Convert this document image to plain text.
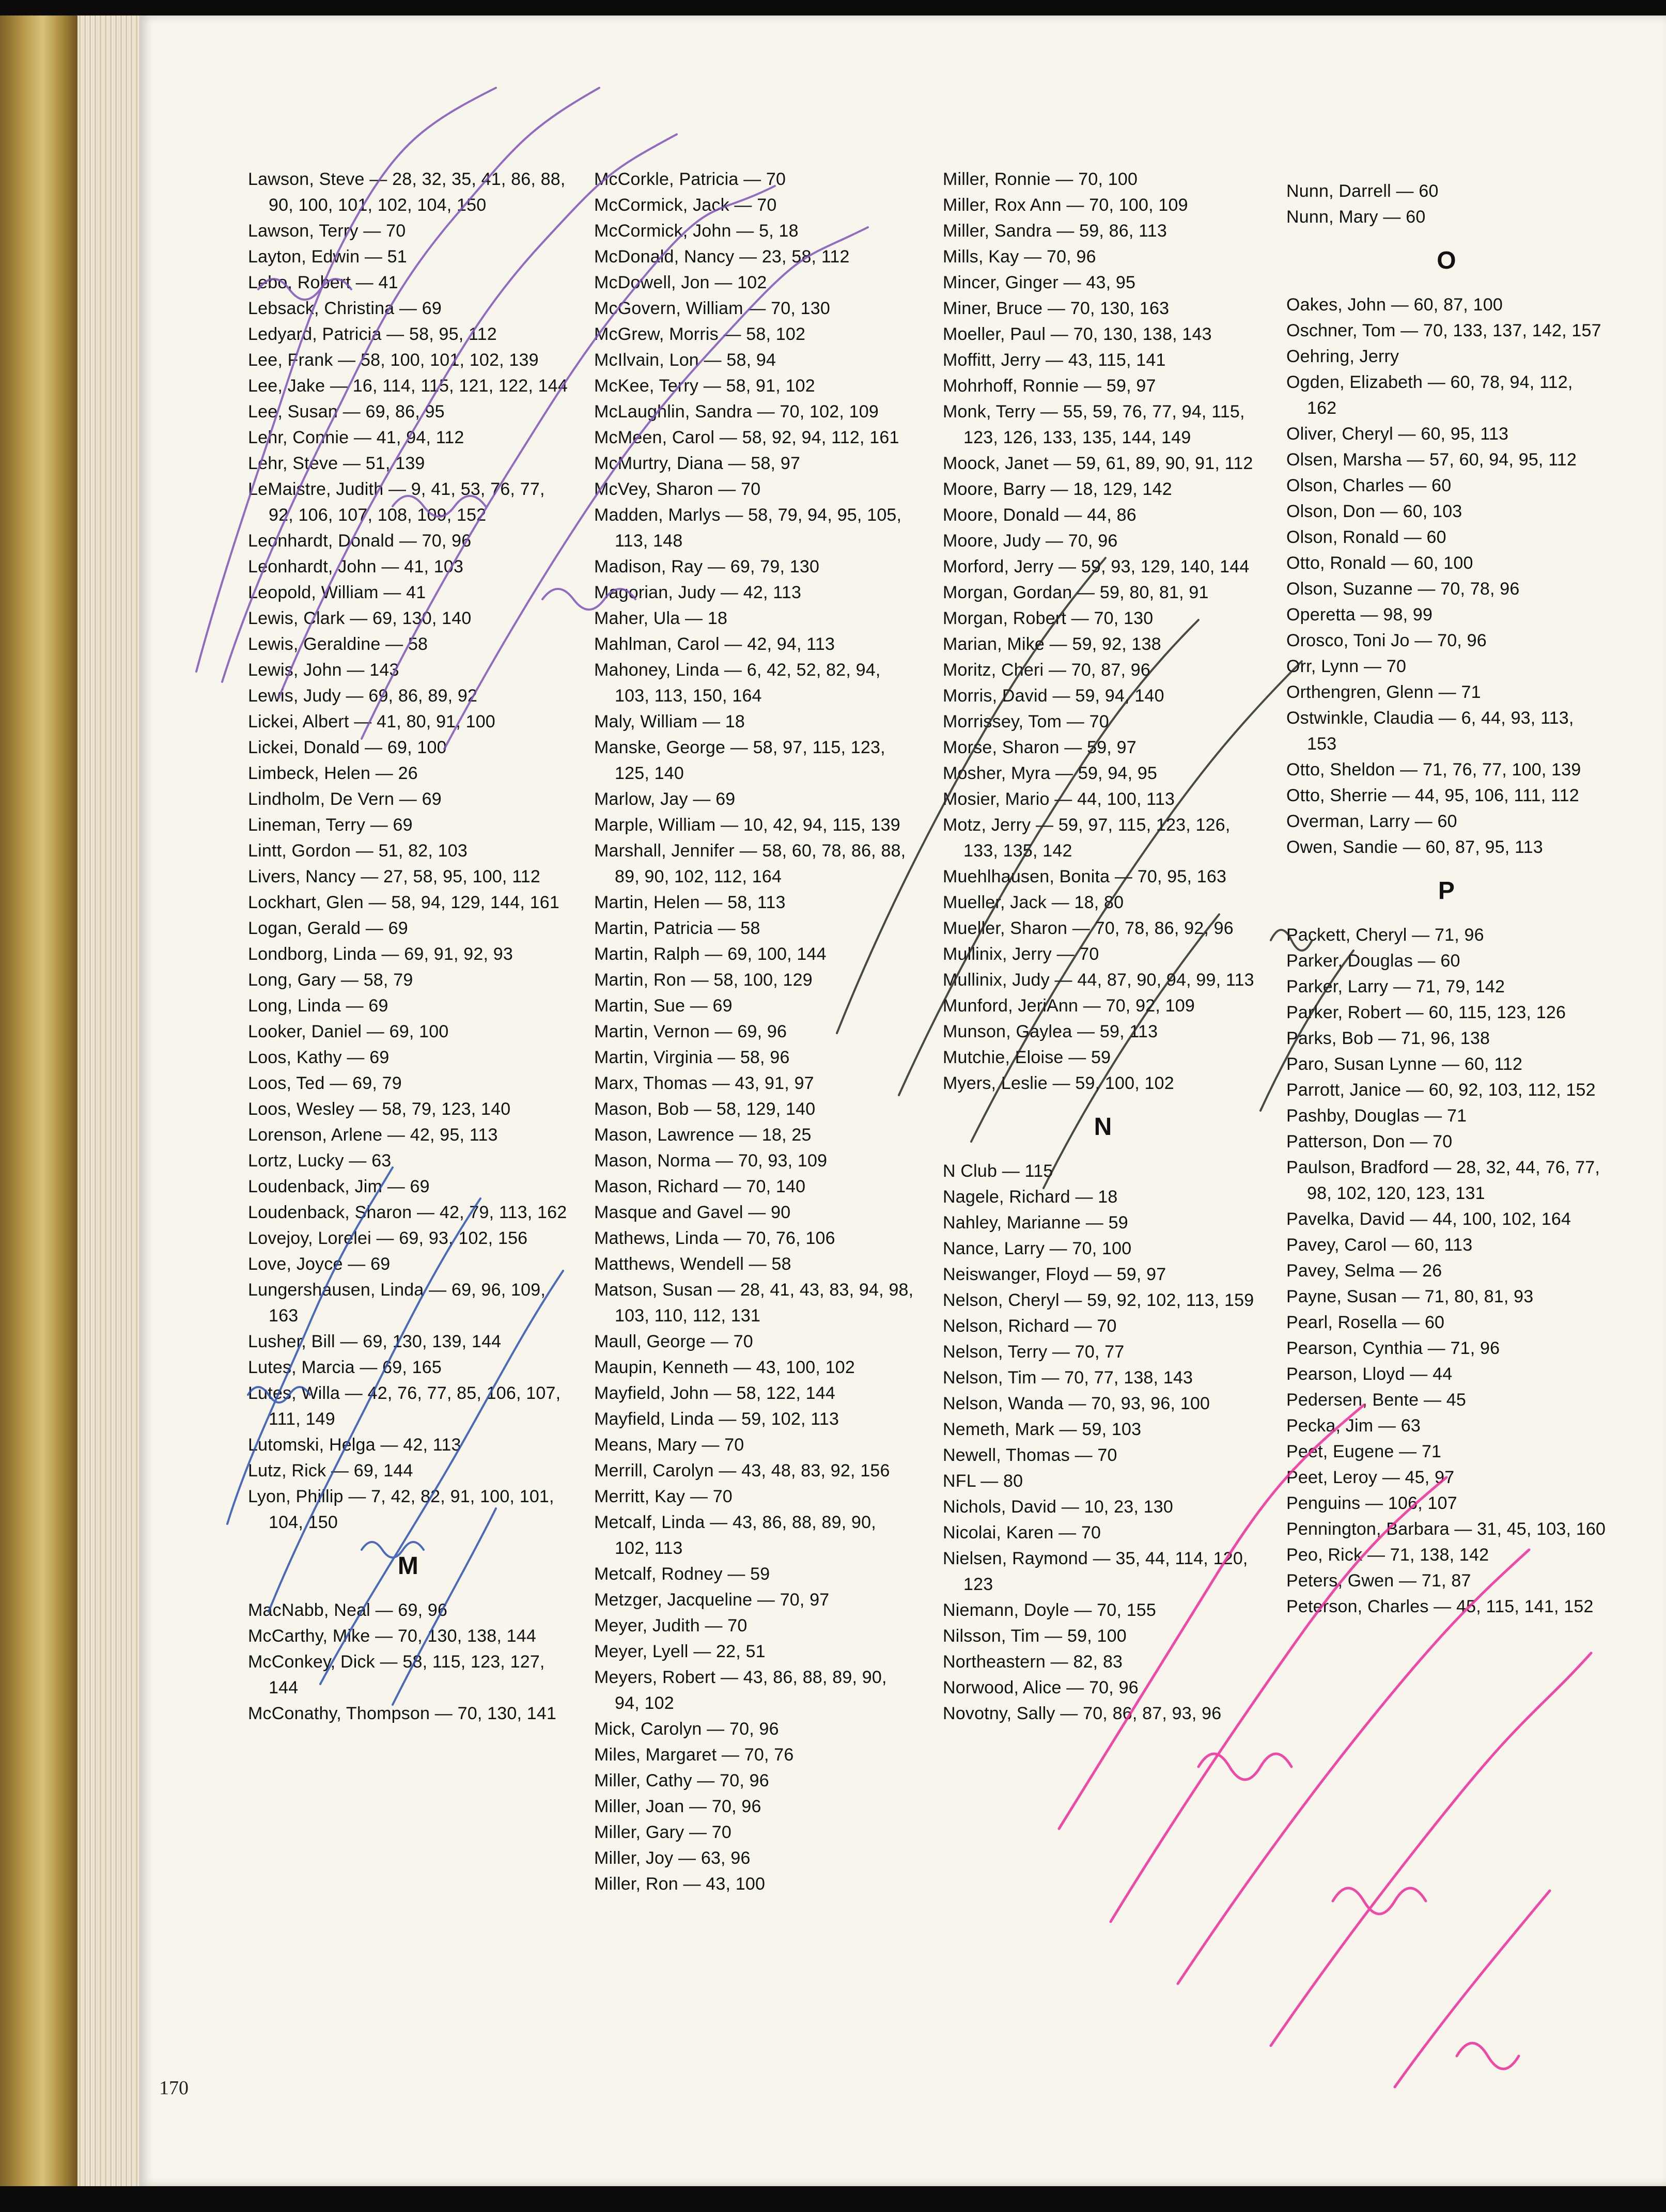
Lawson, Steve — 28, 32, 35, 41, 86, 88, 90, 100, 101, 102, 104, 150
Lawson, Terry — 70
Layton, Edwin — 51
Lebo, Robert — 41
Lebsack, Christina — 69
Ledyard, Patricia — 58, 95, 112
Lee, Frank — 58, 100, 101, 102, 139
Lee, Jake — 16, 114, 115, 121, 122, 144
Lee, Susan — 69, 86, 95
Lehr, Connie — 41, 94, 112
Lehr, Steve — 51, 139
LeMaistre, Judith — 9, 41, 53, 76, 77, 92, 106, 107, 108, 109, 152
Leonhardt, Donald — 70, 96
Leonhardt, John — 41, 103
Leopold, William — 41
Lewis, Clark — 69, 130, 140
Lewis, Geraldine — 58
Lewis, John — 143
Lewis, Judy — 69, 86, 89, 92
Lickei, Albert — 41, 80, 91, 100
Lickei, Donald — 69, 100
Limbeck, Helen — 26
Lindholm, De Vern — 69
Lineman, Terry — 69
Lintt, Gordon — 51, 82, 103
Livers, Nancy — 27, 58, 95, 100, 112
Lockhart, Glen — 58, 94, 129, 144, 161
Logan, Gerald — 69
Londborg, Linda — 69, 91, 92, 93
Long, Gary — 58, 79
Long, Linda — 69
Looker, Daniel — 69, 100
Loos, Kathy — 69
Loos, Ted — 69, 79
Loos, Wesley — 58, 79, 123, 140
Lorenson, Arlene — 42, 95, 113
Lortz, Lucky — 63
Loudenback, Jim — 69
Loudenback, Sharon — 42, 79, 113, 162
Lovejoy, Lorelei — 69, 93, 102, 156
Love, Joyce — 69
Lungershausen, Linda — 69, 96, 109, 163
Lusher, Bill — 69, 130, 139, 144
Lutes, Marcia — 69, 165
Lutes, Willa — 42, 76, 77, 85, 106, 107, 111, 149
Lutomski, Helga — 42, 113
Lutz, Rick — 69, 144
Lyon, Phillip — 7, 42, 82, 91, 100, 101, 104, 150
M
MacNabb, Neal — 69, 96
McCarthy, Mike — 70, 130, 138, 144
McConkey, Dick — 58, 115, 123, 127, 144
McConathy, Thompson — 70, 130, 141
McCorkle, Patricia — 70
McCormick, Jack — 70
McCormick, John — 5, 18
McDonald, Nancy — 23, 58, 112
McDowell, Jon — 102
McGovern, William — 70, 130
McGrew, Morris — 58, 102
McIlvain, Lon — 58, 94
McKee, Terry — 58, 91, 102
McLaughlin, Sandra — 70, 102, 109
McMeen, Carol — 58, 92, 94, 112, 161
McMurtry, Diana — 58, 97
McVey, Sharon — 70
Madden, Marlys — 58, 79, 94, 95, 105, 113, 148
Madison, Ray — 69, 79, 130
Magorian, Judy — 42, 113
Maher, Ula — 18
Mahlman, Carol — 42, 94, 113
Mahoney, Linda — 6, 42, 52, 82, 94, 103, 113, 150, 164
Maly, William — 18
Manske, George — 58, 97, 115, 123, 125, 140
Marlow, Jay — 69
Marple, William — 10, 42, 94, 115, 139
Marshall, Jennifer — 58, 60, 78, 86, 88, 89, 90, 102, 112, 164
Martin, Helen — 58, 113
Martin, Patricia — 58
Martin, Ralph — 69, 100, 144
Martin, Ron — 58, 100, 129
Martin, Sue — 69
Martin, Vernon — 69, 96
Martin, Virginia — 58, 96
Marx, Thomas — 43, 91, 97
Mason, Bob — 58, 129, 140
Mason, Lawrence — 18, 25
Mason, Norma — 70, 93, 109
Mason, Richard — 70, 140
Masque and Gavel — 90
Mathews, Linda — 70, 76, 106
Matthews, Wendell — 58
Matson, Susan — 28, 41, 43, 83, 94, 98, 103, 110, 112, 131
Maull, George — 70
Maupin, Kenneth — 43, 100, 102
Mayfield, John — 58, 122, 144
Mayfield, Linda — 59, 102, 113
Means, Mary — 70
Merrill, Carolyn — 43, 48, 83, 92, 156
Merritt, Kay — 70
Metcalf, Linda — 43, 86, 88, 89, 90, 102, 113
Metcalf, Rodney — 59
Metzger, Jacqueline — 70, 97
Meyer, Judith — 70
Meyer, Lyell — 22, 51
Meyers, Robert — 43, 86, 88, 89, 90, 94, 102
Mick, Carolyn — 70, 96
Miles, Margaret — 70, 76
Miller, Cathy — 70, 96
Miller, Joan — 70, 96
Miller, Gary — 70
Miller, Joy — 63, 96
Miller, Ron — 43, 100
Miller, Ronnie — 70, 100
Miller, Rox Ann — 70, 100, 109
Miller, Sandra — 59, 86, 113
Mills, Kay — 70, 96
Mincer, Ginger — 43, 95
Miner, Bruce — 70, 130, 163
Moeller, Paul — 70, 130, 138, 143
Moffitt, Jerry — 43, 115, 141
Mohrhoff, Ronnie — 59, 97
Monk, Terry — 55, 59, 76, 77, 94, 115, 123, 126, 133, 135, 144, 149
Moock, Janet — 59, 61, 89, 90, 91, 112
Moore, Barry — 18, 129, 142
Moore, Donald — 44, 86
Moore, Judy — 70, 96
Morford, Jerry — 59, 93, 129, 140, 144
Morgan, Gordan — 59, 80, 81, 91
Morgan, Robert — 70, 130
Marian, Mike — 59, 92, 138
Moritz, Cheri — 70, 87, 96
Morris, David — 59, 94, 140
Morrissey, Tom — 70
Morse, Sharon — 59, 97
Mosher, Myra — 59, 94, 95
Mosier, Mario — 44, 100, 113
Motz, Jerry — 59, 97, 115, 123, 126, 133, 135, 142
Muehlhausen, Bonita — 70, 95, 163
Mueller, Jack — 18, 80
Mueller, Sharon — 70, 78, 86, 92, 96
Mullinix, Jerry — 70
Mullinix, Judy — 44, 87, 90, 94, 99, 113
Munford, JeriAnn — 70, 92, 109
Munson, Gaylea — 59, 113
Mutchie, Eloise — 59
Myers, Leslie — 59, 100, 102
N
N Club — 115
Nagele, Richard — 18
Nahley, Marianne — 59
Nance, Larry — 70, 100
Neiswanger, Floyd — 59, 97
Nelson, Cheryl — 59, 92, 102, 113, 159
Nelson, Richard — 70
Nelson, Terry — 70, 77
Nelson, Tim — 70, 77, 138, 143
Nelson, Wanda — 70, 93, 96, 100
Nemeth, Mark — 59, 103
Newell, Thomas — 70
NFL — 80
Nichols, David — 10, 23, 130
Nicolai, Karen — 70
Nielsen, Raymond — 35, 44, 114, 120, 123
Niemann, Doyle — 70, 155
Nilsson, Tim — 59, 100
Northeastern — 82, 83
Norwood, Alice — 70, 96
Novotny, Sally — 70, 86, 87, 93, 96
Nunn, Darrell — 60
Nunn, Mary — 60
O
Oakes, John — 60, 87, 100
Oschner, Tom — 70, 133, 137, 142, 157
Oehring, Jerry
Ogden, Elizabeth — 60, 78, 94, 112, 162
Oliver, Cheryl — 60, 95, 113
Olsen, Marsha — 57, 60, 94, 95, 112
Olson, Charles — 60
Olson, Don — 60, 103
Olson, Ronald — 60
Otto, Ronald — 60, 100
Olson, Suzanne — 70, 78, 96
Operetta — 98, 99
Orosco, Toni Jo — 70, 96
Orr, Lynn — 70
Orthengren, Glenn — 71
Ostwinkle, Claudia — 6, 44, 93, 113, 153
Otto, Sheldon — 71, 76, 77, 100, 139
Otto, Sherrie — 44, 95, 106, 111, 112
Overman, Larry — 60
Owen, Sandie — 60, 87, 95, 113
P
Packett, Cheryl — 71, 96
Parker, Douglas — 60
Parker, Larry — 71, 79, 142
Parker, Robert — 60, 115, 123, 126
Parks, Bob — 71, 96, 138
Paro, Susan Lynne — 60, 112
Parrott, Janice — 60, 92, 103, 112, 152
Pashby, Douglas — 71
Patterson, Don — 70
Paulson, Bradford — 28, 32, 44, 76, 77, 98, 102, 120, 123, 131
Pavelka, David — 44, 100, 102, 164
Pavey, Carol — 60, 113
Pavey, Selma — 26
Payne, Susan — 71, 80, 81, 93
Pearl, Rosella — 60
Pearson, Cynthia — 71, 96
Pearson, Lloyd — 44
Pedersen, Bente — 45
Pecka, Jim — 63
Peet, Eugene — 71
Peet, Leroy — 45, 97
Penguins — 106, 107
Pennington, Barbara — 31, 45, 103, 160
Peo, Rick — 71, 138, 142
Peters, Gwen — 71, 87
Peterson, Charles — 45, 115, 141, 152
170
